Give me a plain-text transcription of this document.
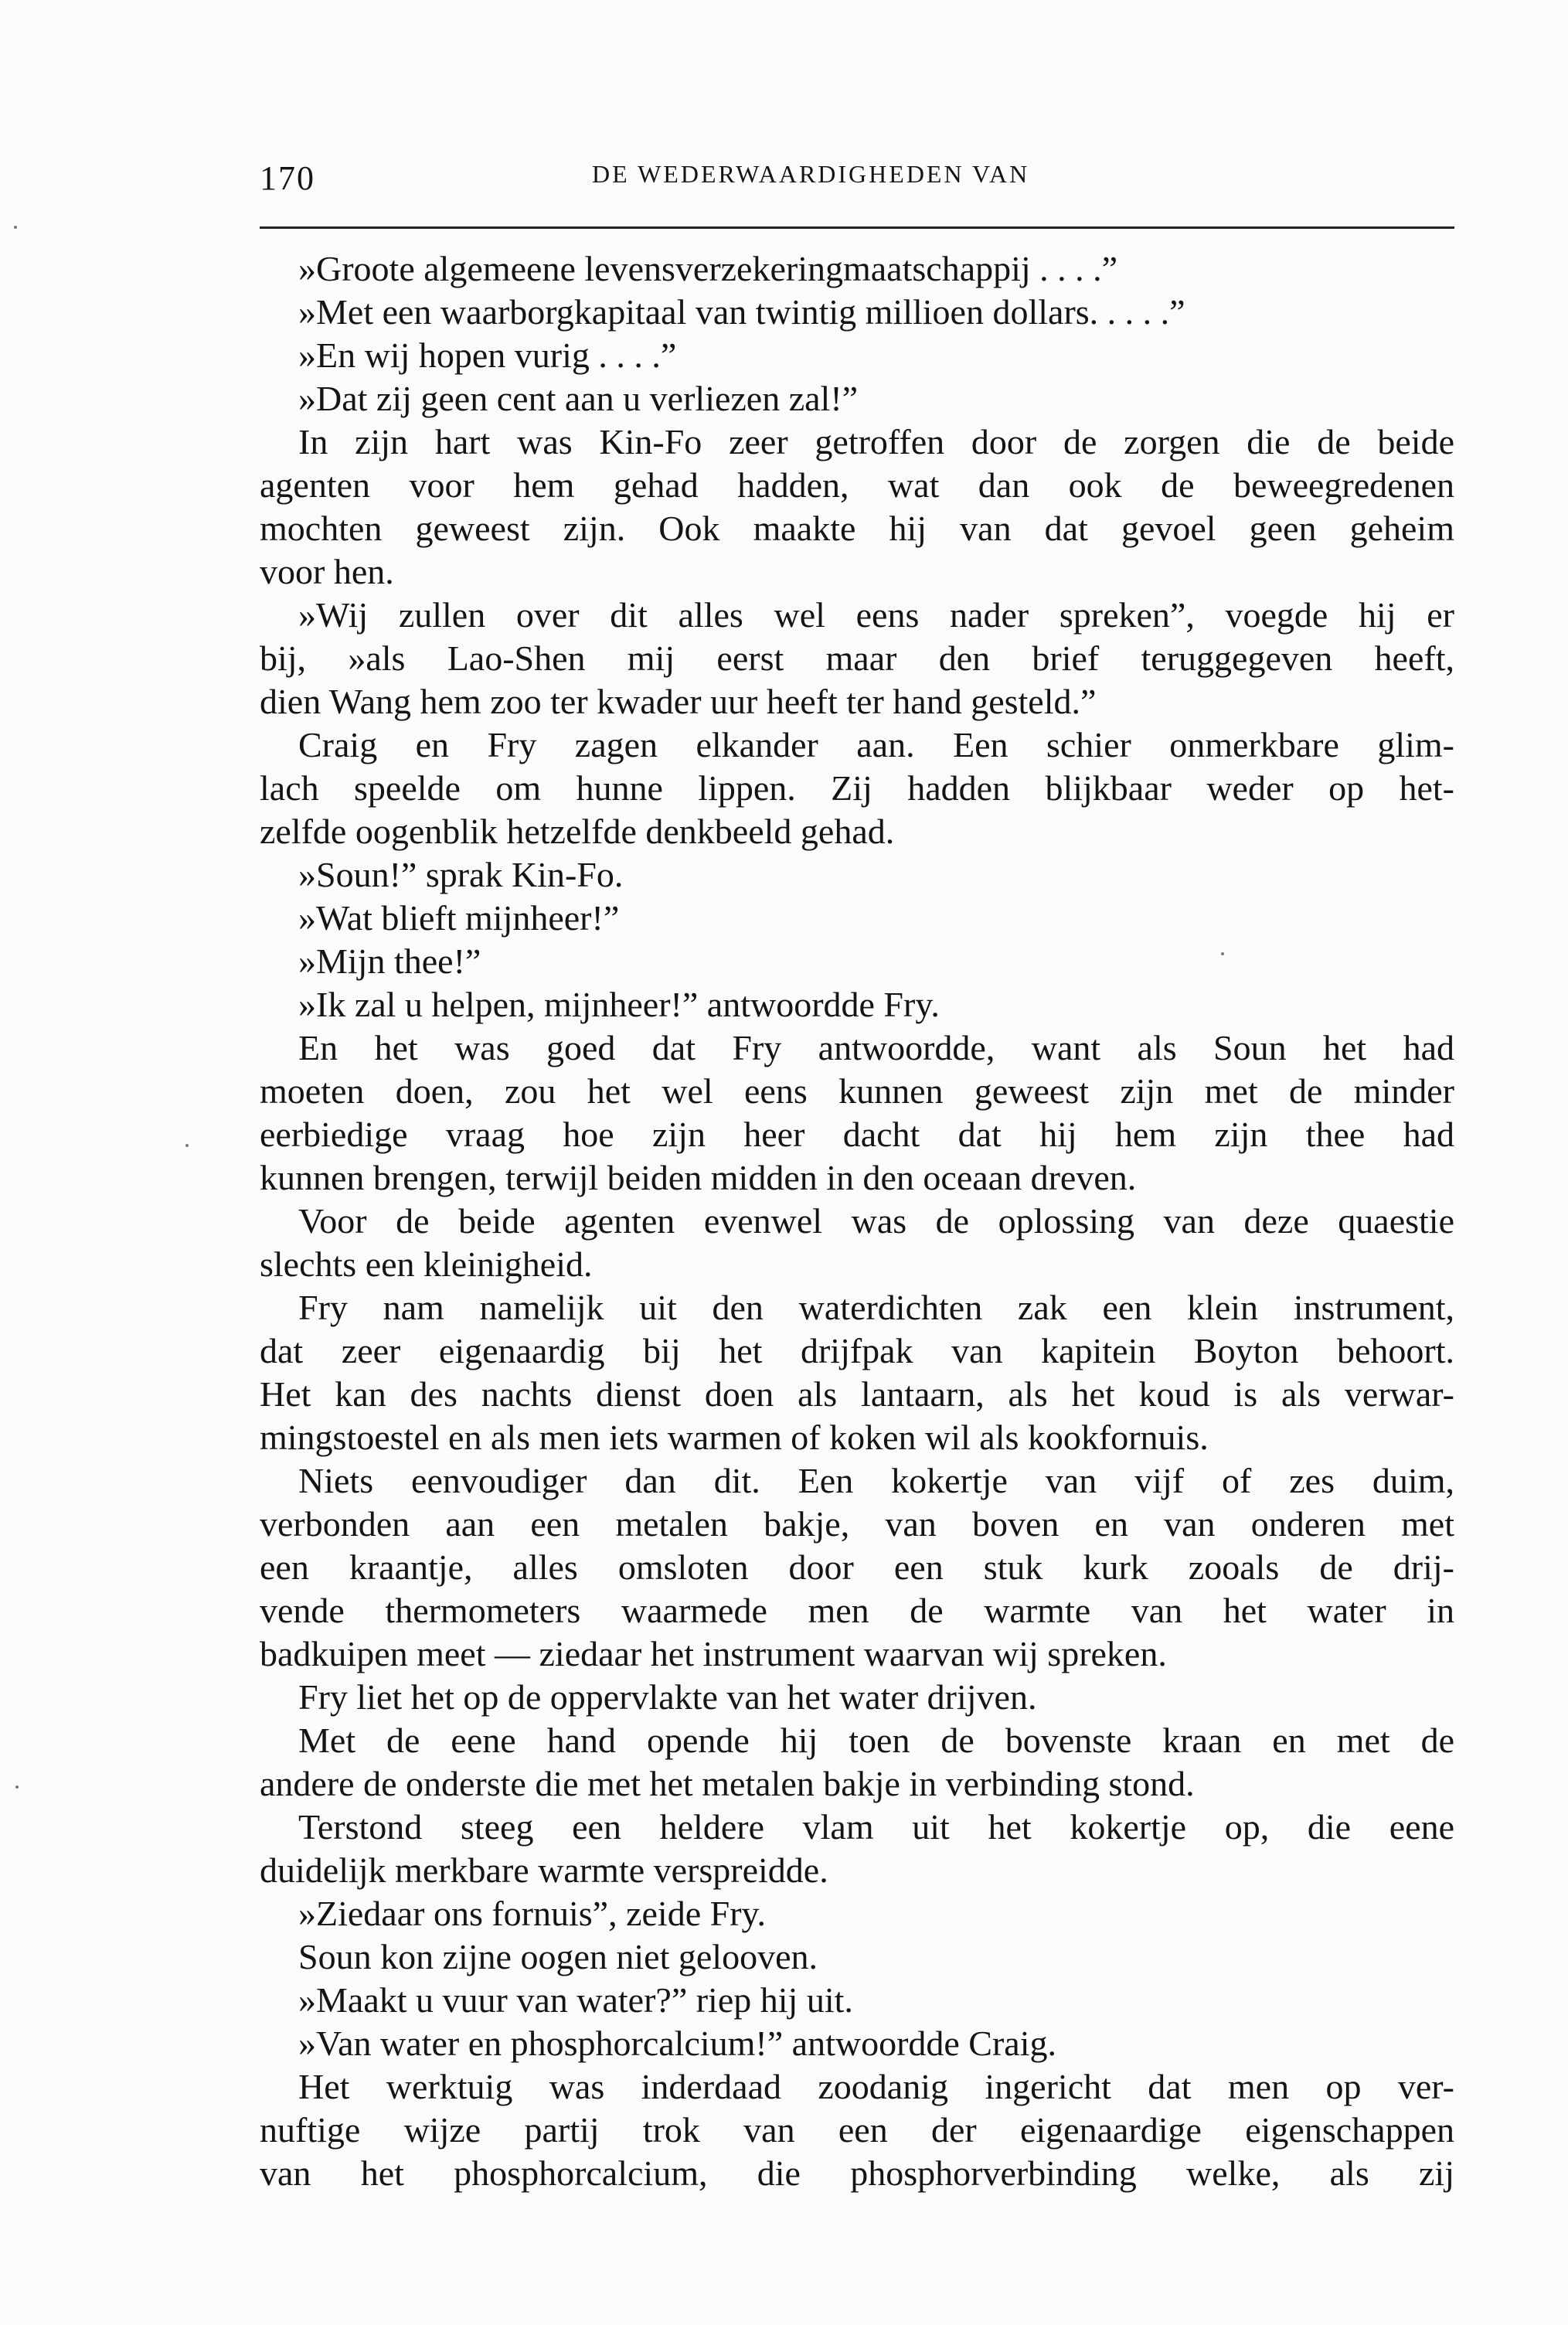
170	DE WEDERWAARDIGHEDEN VAN
»Groote algemeene levensverzekeringmaatschappij . . . .”
»Met een waarborgkapitaal van twintig millioen dollars. . . . .”
»En wij hopen vurig . . . .”
»Dat zij geen cent aan u verliezen zal!”
In zijn hart was Kin-Fo zeer getroffen door de zorgen die de beide
agenten voor hem gehad hadden, wat dan ook de beweegredenen
mochten geweest zijn. Ook maakte hij van dat gevoel geen geheim
voor hen.
»Wij zullen over dit alles wel eens nader spreken”, voegde hij er
bij, »als Lao-Shen mij eerst maar den brief teruggegeven heeft,
dien Wang hem zoo ter kwader uur heeft ter hand gesteld.”
Craig en Fry zagen elkander aan. Een schier onmerkbare glim-
lach speelde om hunne lippen. Zij hadden blijkbaar weder op het-
zelfde oogenblik hetzelfde denkbeeld gehad.
»Soun!” sprak Kin-Fo.
»Wat blieft mijnheer!”
»Mijn thee!”
»Ik zal u helpen, mijnheer!” antwoordde Fry.
En het was goed dat Fry antwoordde, want als Soun het had
moeten doen, zou het wel eens kunnen geweest zijn met de minder
eerbiedige vraag hoe zijn heer dacht dat hij hem zijn thee had
kunnen brengen, terwijl beiden midden in den oceaan dreven.
Voor de beide agenten evenwel was de oplossing van deze quaestie
slechts een kleinigheid.
Fry nam namelijk uit den waterdichten zak een klein instrument,
dat zeer eigenaardig bij het drijfpak van kapitein Boyton behoort.
Het kan des nachts dienst doen als lantaarn, als het koud is als verwar-
mingstoestel en als men iets warmen of koken wil als kookfornuis.
Niets eenvoudiger dan dit. Een kokertje van vijf of zes duim,
verbonden aan een metalen bakje, van boven en van onderen met
een kraantje, alles omsloten door een stuk kurk zooals de drij-
vende thermometers waarmede men de warmte van het water in
badkuipen meet — ziedaar het instrument waarvan wij spreken.
Fry liet het op de oppervlakte van het water drijven.
Met de eene hand opende hij toen de bovenste kraan en met de
andere de onderste die met het metalen bakje in verbinding stond.
Terstond steeg een heldere vlam uit het kokertje op, die eene
duidelijk merkbare warmte verspreidde.
»Ziedaar ons fornuis”, zeide Fry.
Soun kon zijne oogen niet gelooven.
»Maakt u vuur van water?” riep hij uit.
»Van water en phosphorcalcium!” antwoordde Craig.
Het werktuig was inderdaad zoodanig ingericht dat men op ver-
nuftige wijze partij trok van een der eigenaardige eigenschappen
van het phosphorcalcium, die phosphorverbinding welke, als zij
